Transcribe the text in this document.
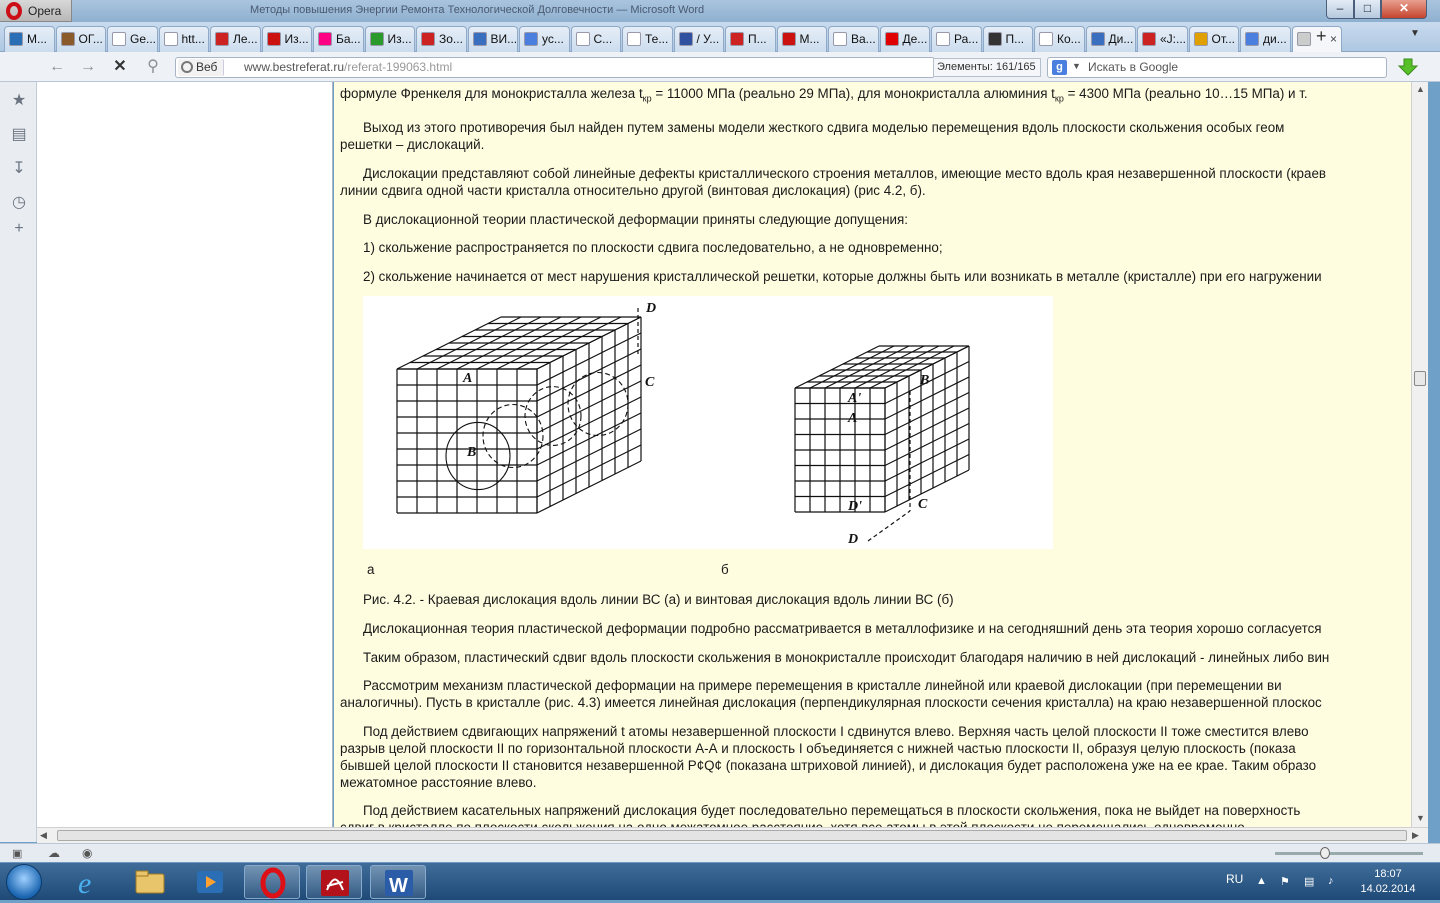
Opera	Методы повышения Энергии Ремонта Технологической Долговечности — Microsoft Word	–	□	✕
М...	ОГ...	Ge...	htt...	Ле...	Из...	Ба...	Из...	Зо...	ВИ...	ус...	С...	Те...	/ У...	П...	М...	Ва...	Де...	Ра...	П...	Ко...	Ди...	«J:...	От...	ди...	×
+	▼
← → ✕	⚲	Веб	www.bestreferat.ru/referat-199063.html	Элементы: 161/165	g	▼ Искать в Google
★
▤
↧
◷
+
формуле Френкеля для монокристалла железа $t_{кр} = 11000$ МПа (реально 29 МПа), для монокристалла алюминия $t_{кр} = 4300$ МПа (реально 10…15 МПа) и т.
Выход из этого противоречия был найден путем замены модели жесткого сдвига моделью перемещения вдоль плоскости скольжения особых геом
решетки – дислокаций.
Дислокации представляют собой линейные дефекты кристаллического строения металлов, имеющие место вдоль края незавершенной плоскости (краев
линии сдвига одной части кристалла относительно другой (винтовая дислокация) (рис 4.2, б).
В дислокационной теории пластической деформации приняты следующие допущения:
1) скольжение распространяется по плоскости сдвига последовательно, а не одновременно;
2) скольжение начинается от мест нарушения кристаллической решетки, которые должны быть или возникать в металле (кристалле) при его нагружении
D
A	C
B
B
A'
A
C
D'
D
а	б
Рис. 4.2. - Краевая дислокация вдоль линии ВС (а) и винтовая дислокация вдоль линии ВС (б)
Дислокационная теория пластической деформации подробно рассматривается в металлофизике и на сегодняшний день эта теория хорошо согласуется
Таким образом, пластический сдвиг вдоль плоскости скольжения в монокристалле происходит благодаря наличию в ней дислокаций - линейных либо вин
Рассмотрим механизм пластической деформации на примере перемещения в кристалле линейной или краевой дислокации (при перемещении ви
аналогичны). Пусть в кристалле (рис. 4.3) имеется линейная дислокация (перпендикулярная плоскости сечения кристалла) на краю незавершенной плоскос
Под действием сдвигающих напряжений t атомы незавершенной плоскости I сдвинутся влево. Верхняя часть целой плоскости II тоже сместится влево
разрыв целой плоскости II по горизонтальной плоскости А-А и плоскость I объединяется с нижней частью плоскости II, образуя целую плоскость (показа
бывшей целой плоскости II становится незавершенной Р¢Q¢ (показана штриховой линией), и дислокация будет расположена уже на ее крае. Таким образо
межатомное расстояние влево.
Под действием касательных напряжений дислокация будет последовательно перемещаться в плоскости скольжения, пока не выйдет на поверхность
▲
▼
◀	▶
▣ ☁ ◉
e	W	RU ▲ ⚑ ▤ ♪
18:07
14.02.2014
